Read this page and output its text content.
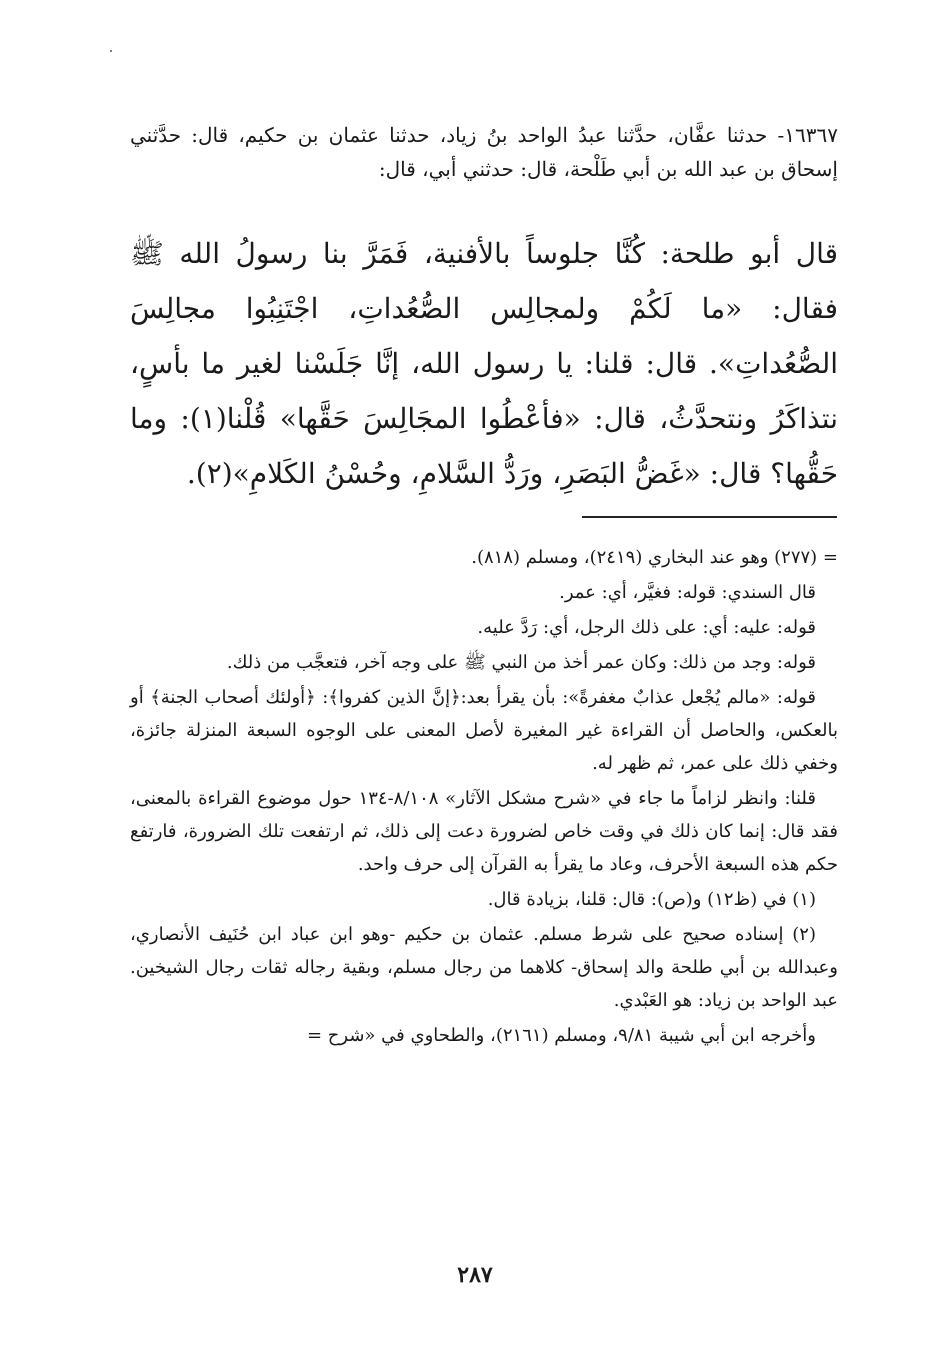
١٦٣٦٧- حدثنا عفَّان، حدَّثنا عبدُ الواحد بنُ زياد، حدثنا عثمان بن حكيم، قال: حدَّثني إسحاق بن عبد الله بن أبي طَلْحة، قال: حدثني أبي، قال:

قال أبو طلحة: كُنَّا جلوساً بالأفنية، فَمَرَّ بنا رسولُ الله ﷺ فقال: «ما لَكُمْ ولمجالِس الصُّعُداتِ، اجْتَنِبُوا مجالِسَ الصُّعُداتِ». قال: قلنا: يا رسول الله، إنَّا جَلَسْنا لغير ما بأسٍ، نتذاكَرُ ونتحدَّثُ، قال: «فأعْطُوا المجَالِسَ حَقَّها» قُلْنا(١): وما حَقُّها؟ قال: «غَضُّ البَصَرِ، ورَدُّ السَّلامِ، وحُسْنُ الكَلامِ»(٢).

= (٢٧٧) وهو عند البخاري (٢٤١٩)، ومسلم (٨١٨).

قال السندي: قوله: فغيَّر، أي: عمر.

قوله: عليه: أي: على ذلك الرجل، أي: رَدَّ عليه.

قوله: وجد من ذلك: وكان عمر أخذ من النبي ﷺ على وجه آخر، فتعجَّب من ذلك.

قوله: «مالم يُجْعل عذابٌ مغفرةً»: بأن يقرأ بعد:﴿إنَّ الذين كفروا﴾: ﴿أولئك أصحاب الجنة﴾ أو بالعكس، والحاصل أن القراءة غير المغيرة لأصل المعنى على الوجوه السبعة المنزلة جائزة، وخفي ذلك على عمر، ثم ظهر له.

قلنا: وانظر لزاماً ما جاء في «شرح مشكل الآثار» ٨/١٠٨-١٣٤ حول موضوع القراءة بالمعنى، فقد قال: إنما كان ذلك في وقت خاص لضرورة دعت إلى ذلك، ثم ارتفعت تلك الضرورة، فارتفع حكم هذه السبعة الأحرف، وعاد ما يقرأ به القرآن إلى حرف واحد.

(١) في (ظ١٢) و(ص): قال: قلنا، بزيادة قال.

(٢) إسناده صحيح على شرط مسلم. عثمان بن حكيم -وهو ابن عباد ابن حُنَيف الأنصاري، وعبدالله بن أبي طلحة والد إسحاق- كلاهما من رجال مسلم، وبقية رجاله ثقات رجال الشيخين. عبد الواحد بن زياد: هو العَبْدي.

وأخرجه ابن أبي شيبة ٩/٨١، ومسلم (٢١٦١)، والطحاوي في «شرح =

٢٨٧
